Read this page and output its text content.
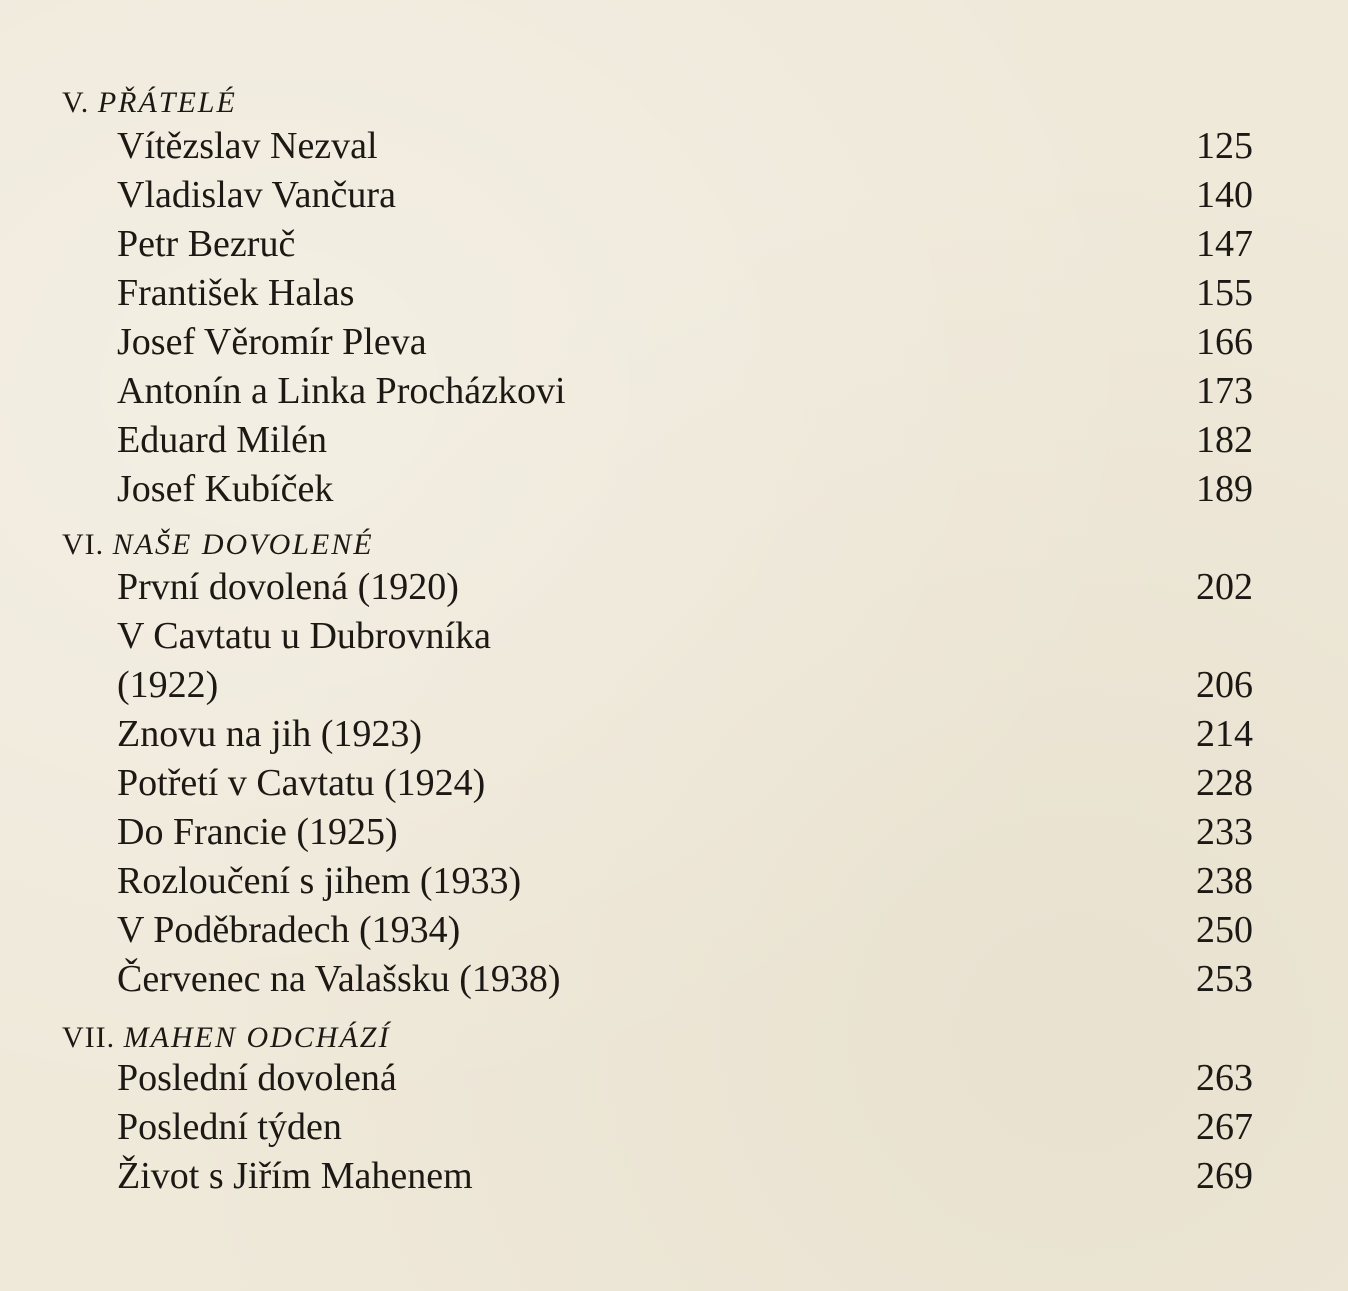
V. PŘÁTELÉ
Vítězslav Nezval	125
Vladislav Vančura	140
Petr Bezruč	147
František Halas	155
Josef Věromír Pleva	166
Antonín a Linka Procházkovi	173
Eduard Milén	182
Josef Kubíček	189
VI. NAŠE DOVOLENÉ
První dovolená (1920)	202
V Cavtatu u Dubrovníka
(1922)	206
Znovu na jih (1923)	214
Potřetí v Cavtatu (1924)	228
Do Francie (1925)	233
Rozloučení s jihem (1933)	238
V Poděbradech (1934)	250
Červenec na Valašsku (1938)	253
VII. MAHEN ODCHÁZÍ
Poslední dovolená	263
Poslední týden	267
Život s Jiřím Mahenem	269
